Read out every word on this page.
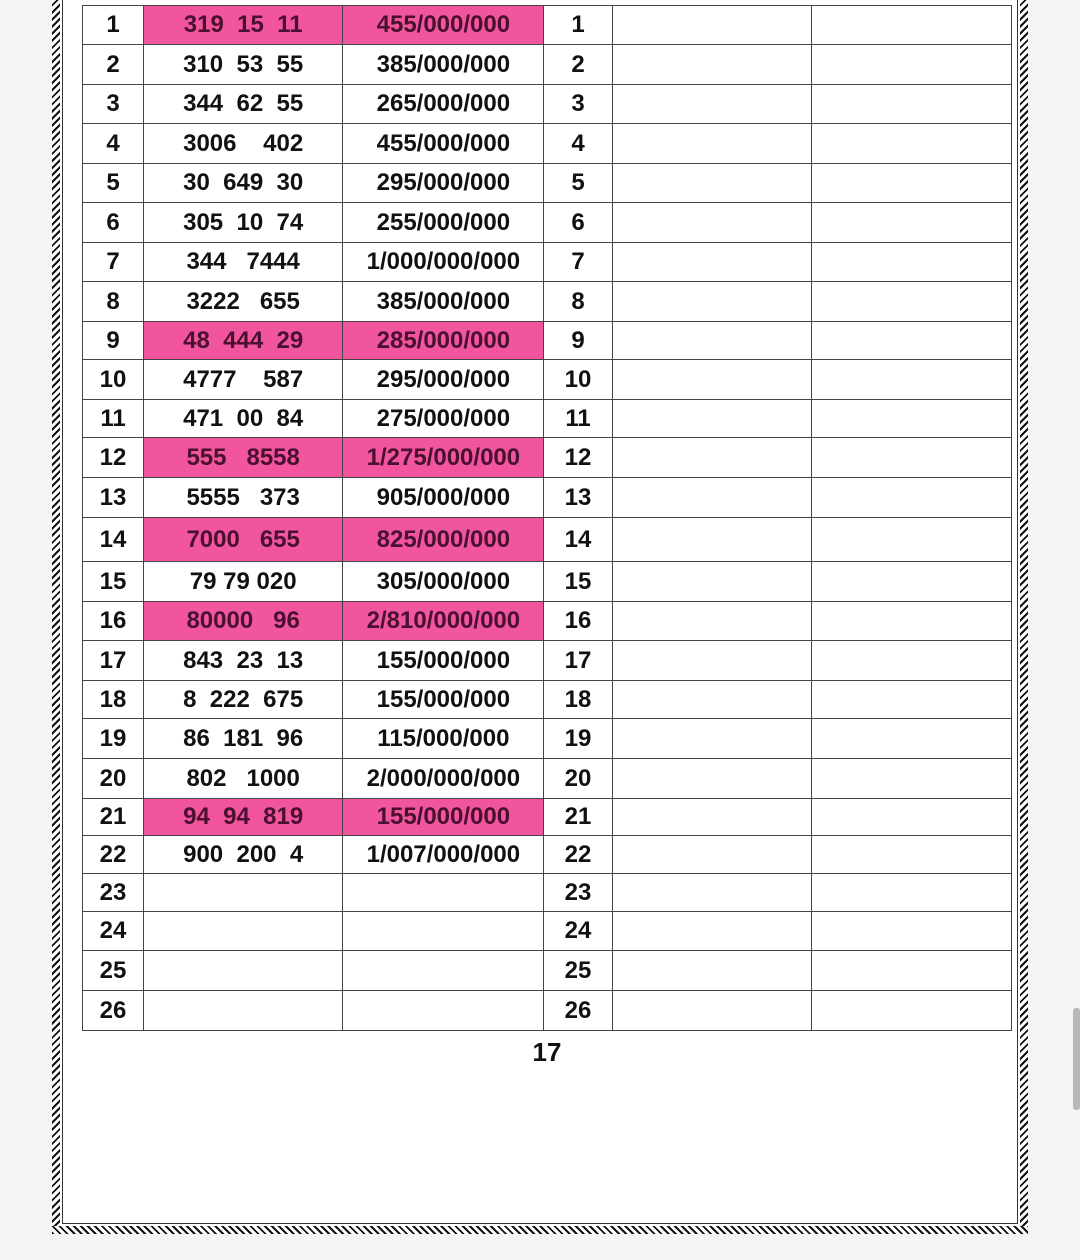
1	319  15  11	455/000/000	1		
2	310  53  55	385/000/000	2		
3	344  62  55	265/000/000	3		
4	3006    402	455/000/000	4		
5	30  649  30	295/000/000	5		
6	305  10  74	255/000/000	6		
7	344   7444	1/000/000/000	7		
8	3222   655	385/000/000	8		
9	48  444  29	285/000/000	9		
10	4777    587	295/000/000	10		
11	471  00  84	275/000/000	11		
12	555   8558	1/275/000/000	12		
13	5555   373	905/000/000	13		
14	7000   655	825/000/000	14		
15	79 79 020	305/000/000	15		
16	80000   96	2/810/000/000	16		
17	843  23  13	155/000/000	17		
18	8  222  675	155/000/000	18		
19	86  181  96	115/000/000	19		
20	802   1000	2/000/000/000	20		
21	94  94  819	155/000/000	21		
22	900  200  4	1/007/000/000	22		
23			23		
24			24		
25			25		
26			26		
17
